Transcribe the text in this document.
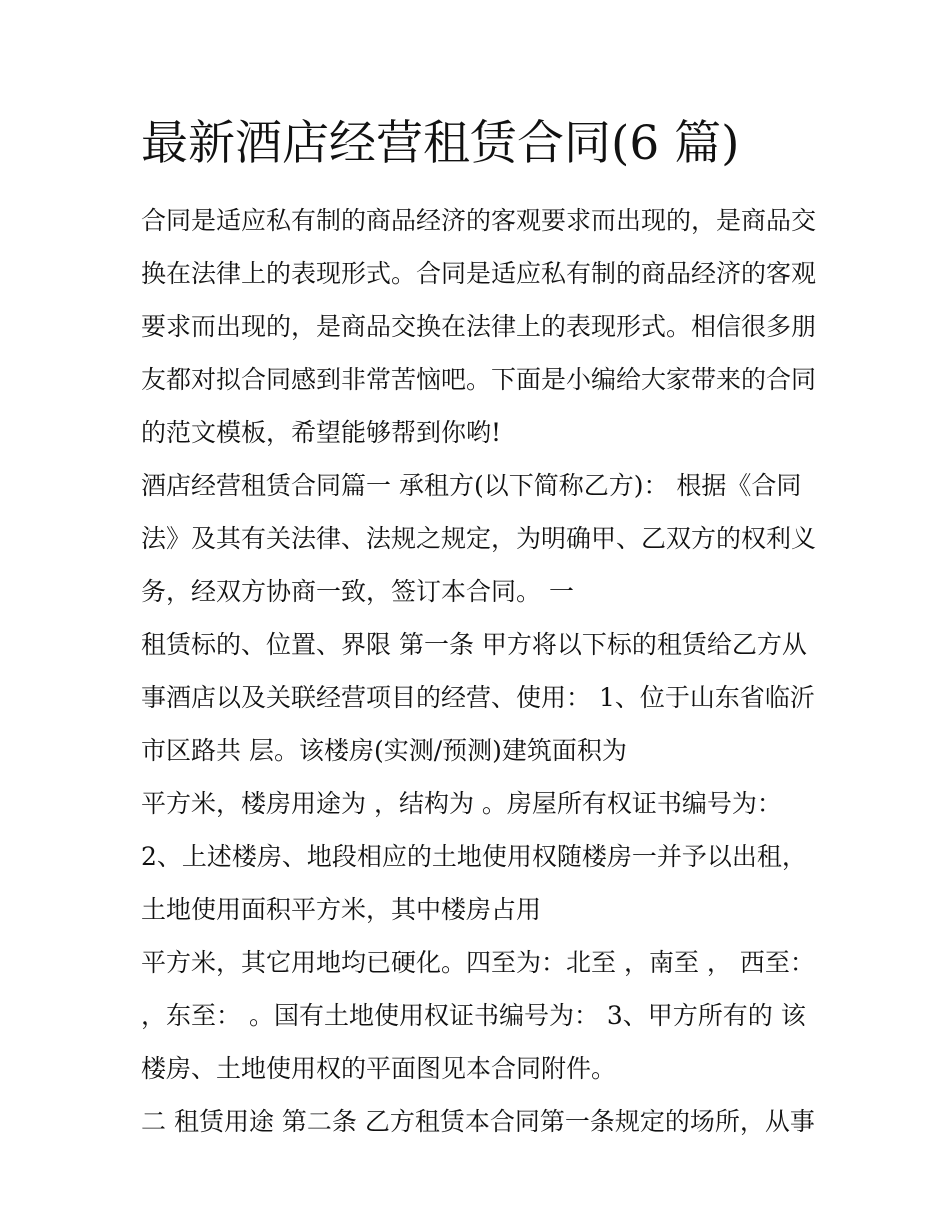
最新酒店经营租赁合同(6 篇)

合同是适应私有制的商品经济的客观要求而出现的，是商品交

换在法律上的表现形式。合同是适应私有制的商品经济的客观

要求而出现的，是商品交换在法律上的表现形式。相信很多朋

友都对拟合同感到非常苦恼吧。下面是小编给大家带来的合同

的范文模板，希望能够帮到你哟!

酒店经营租赁合同篇一 承租方(以下简称乙方)： 根据《合同

法》及其有关法律、法规之规定，为明确甲、乙双方的权利义

务，经双方协商一致，签订本合同。 一

租赁标的、位置、界限 第一条 甲方将以下标的租赁给乙方从

事酒店以及关联经营项目的经营、使用： 1、位于山东省临沂

市区路共 层。该楼房(实测/预测)建筑面积为

平方米，楼房用途为 ，结构为 。房屋所有权证书编号为：

2、上述楼房、地段相应的土地使用权随楼房一并予以出租，

土地使用面积平方米，其中楼房占用

平方米，其它用地均已硬化。四至为：北至 ，南至 ， 西至：

，东至： 。国有土地使用权证书编号为： 3、甲方所有的 该

楼房、土地使用权的平面图见本合同附件。

二 租赁用途 第二条 乙方租赁本合同第一条规定的场所，从事
